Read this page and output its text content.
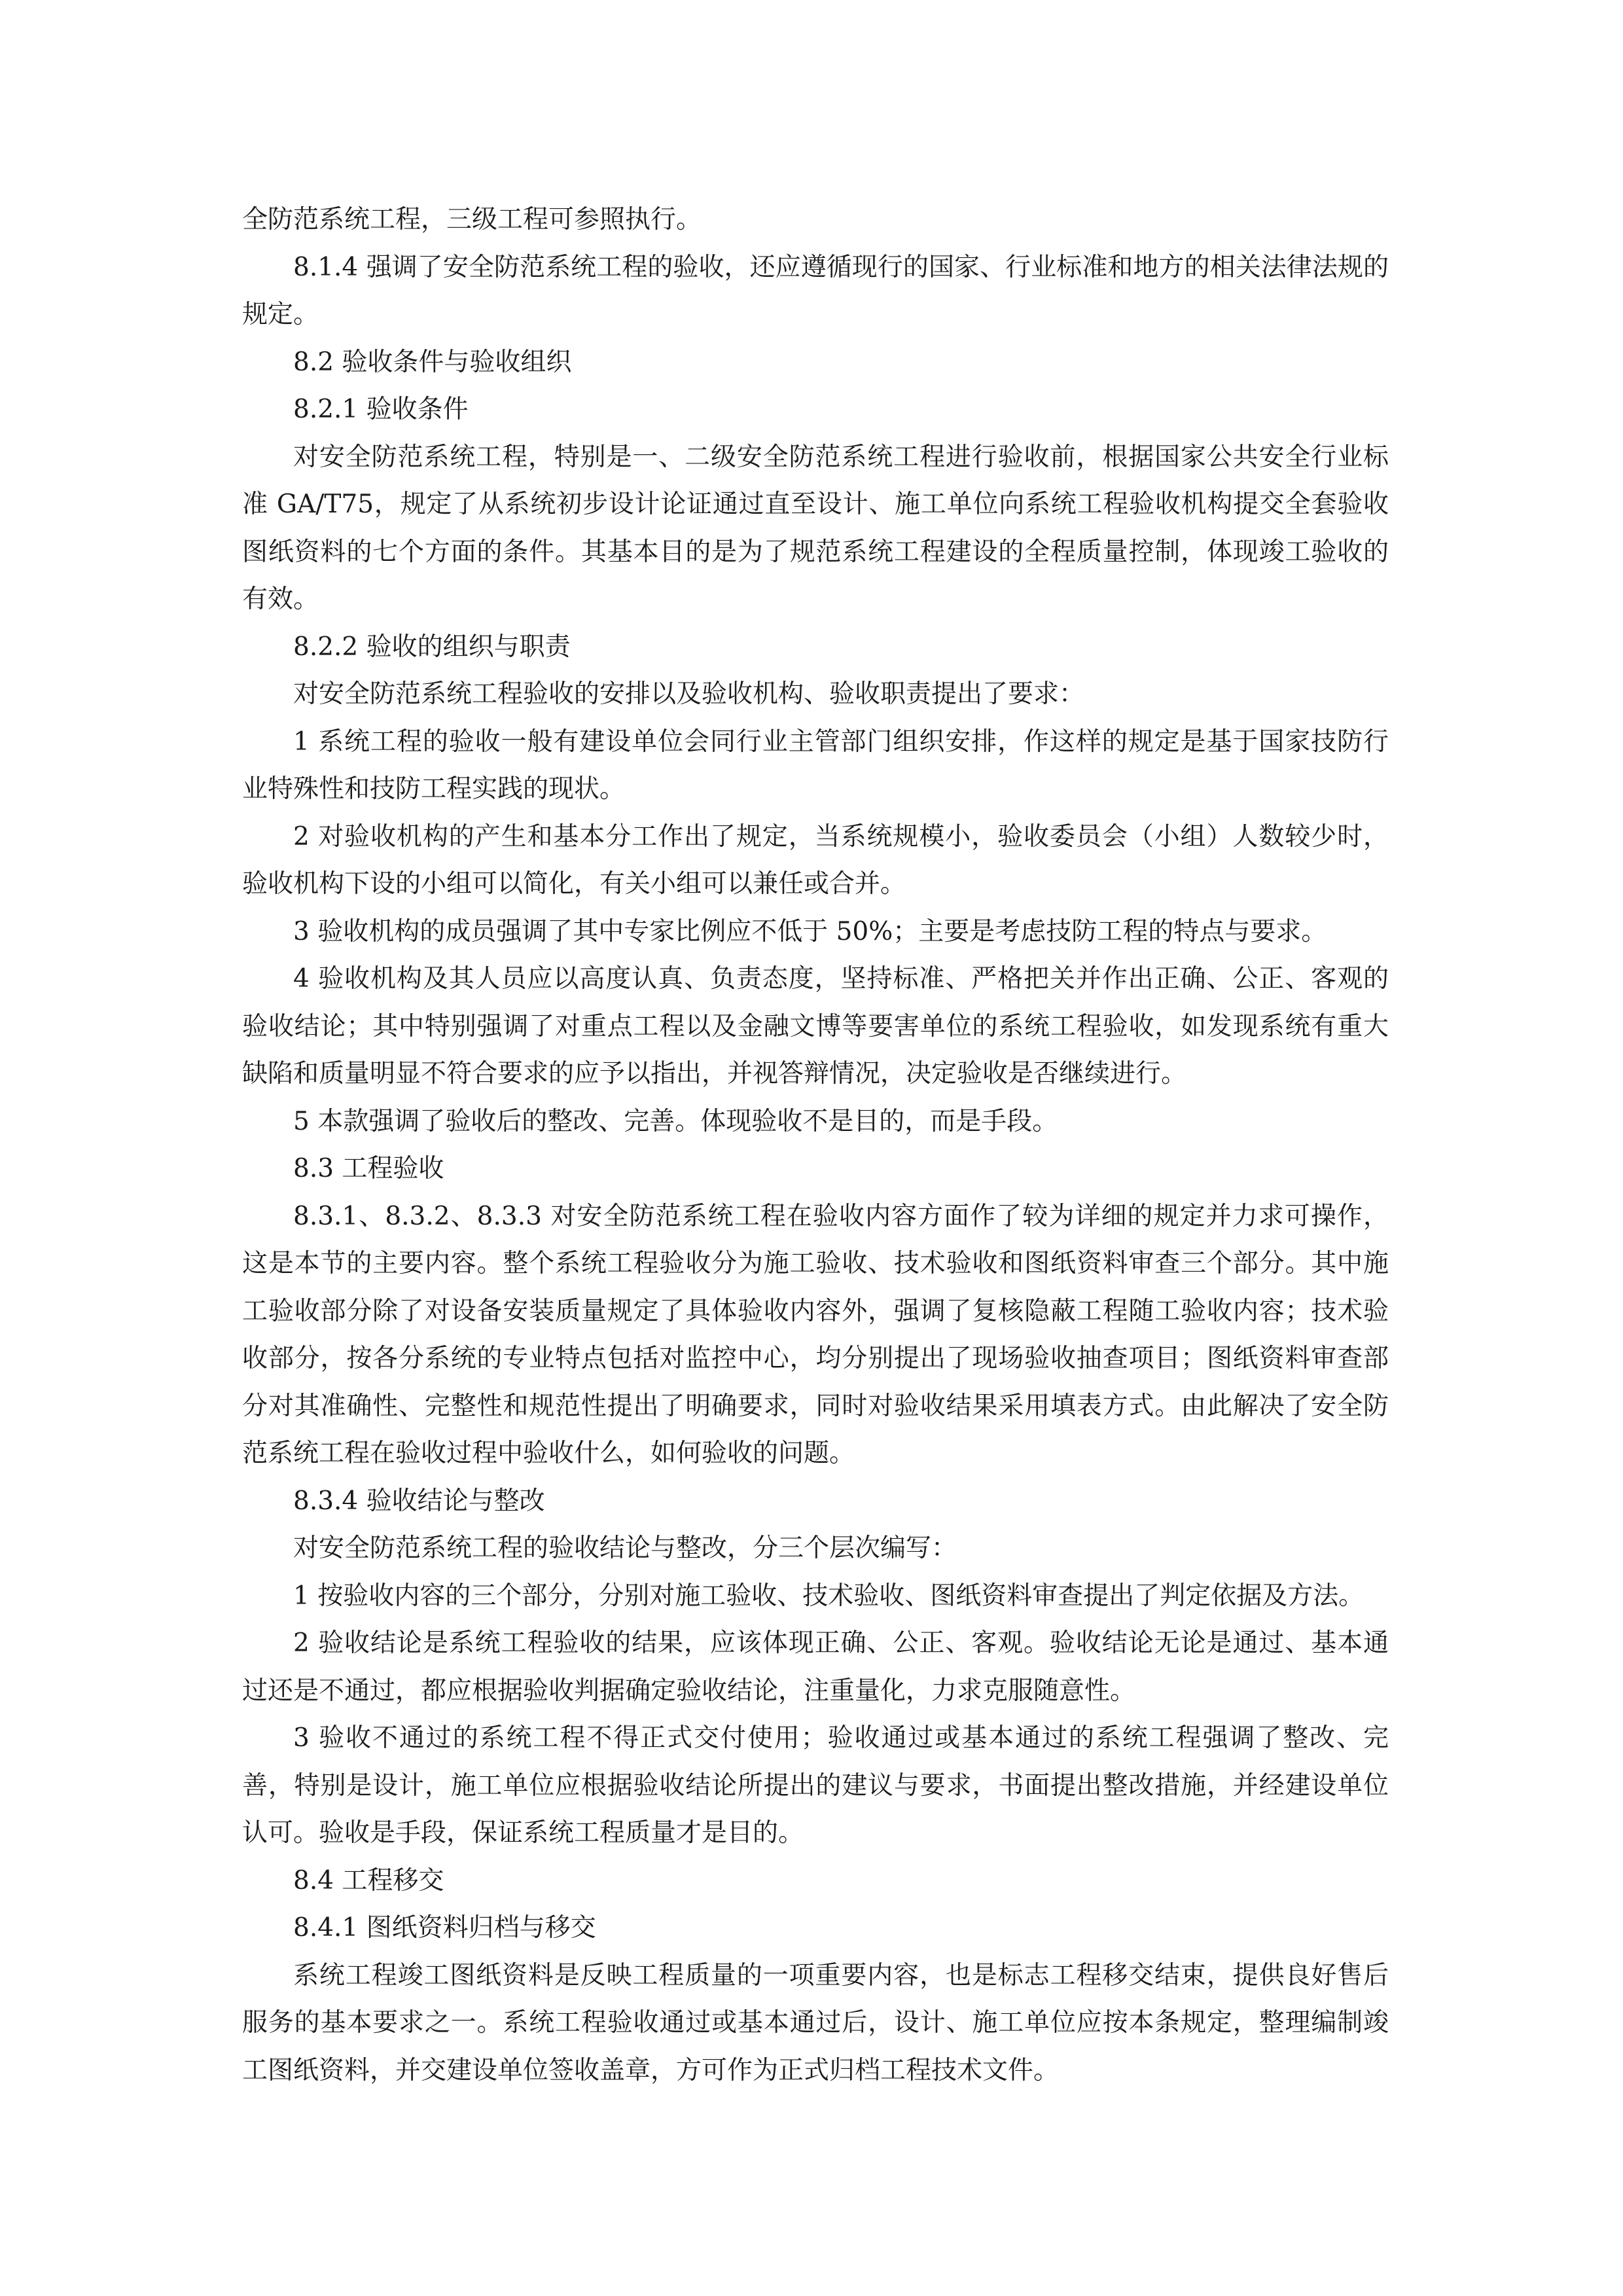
全防范系统工程，三级工程可参照执行。

8.1.4 强调了安全防范系统工程的验收，还应遵循现行的国家、行业标准和地方的相关法律法规的规定。

8.2 验收条件与验收组织

8.2.1 验收条件

对安全防范系统工程，特别是一、二级安全防范系统工程进行验收前，根据国家公共安全行业标准 GA/T75，规定了从系统初步设计论证通过直至设计、施工单位向系统工程验收机构提交全套验收图纸资料的七个方面的条件。其基本目的是为了规范系统工程建设的全程质量控制，体现竣工验收的有效。

8.2.2 验收的组织与职责

对安全防范系统工程验收的安排以及验收机构、验收职责提出了要求：

1 系统工程的验收一般有建设单位会同行业主管部门组织安排，作这样的规定是基于国家技防行业特殊性和技防工程实践的现状。

2 对验收机构的产生和基本分工作出了规定，当系统规模小，验收委员会（小组）人数较少时，验收机构下设的小组可以简化，有关小组可以兼任或合并。

3 验收机构的成员强调了其中专家比例应不低于 50%；主要是考虑技防工程的特点与要求。

4 验收机构及其人员应以高度认真、负责态度，坚持标准、严格把关并作出正确、公正、客观的验收结论；其中特别强调了对重点工程以及金融文博等要害单位的系统工程验收，如发现系统有重大缺陷和质量明显不符合要求的应予以指出，并视答辩情况，决定验收是否继续进行。

5 本款强调了验收后的整改、完善。体现验收不是目的，而是手段。

8.3 工程验收

8.3.1、8.3.2、8.3.3 对安全防范系统工程在验收内容方面作了较为详细的规定并力求可操作，这是本节的主要内容。整个系统工程验收分为施工验收、技术验收和图纸资料审查三个部分。其中施工验收部分除了对设备安装质量规定了具体验收内容外，强调了复核隐蔽工程随工验收内容；技术验收部分，按各分系统的专业特点包括对监控中心，均分别提出了现场验收抽查项目；图纸资料审查部分对其准确性、完整性和规范性提出了明确要求，同时对验收结果采用填表方式。由此解决了安全防范系统工程在验收过程中验收什么，如何验收的问题。

8.3.4 验收结论与整改

对安全防范系统工程的验收结论与整改，分三个层次编写：

1 按验收内容的三个部分，分别对施工验收、技术验收、图纸资料审查提出了判定依据及方法。

2 验收结论是系统工程验收的结果，应该体现正确、公正、客观。验收结论无论是通过、基本通过还是不通过，都应根据验收判据确定验收结论，注重量化，力求克服随意性。

3 验收不通过的系统工程不得正式交付使用；验收通过或基本通过的系统工程强调了整改、完善，特别是设计，施工单位应根据验收结论所提出的建议与要求，书面提出整改措施，并经建设单位认可。验收是手段，保证系统工程质量才是目的。

8.4 工程移交

8.4.1 图纸资料归档与移交

系统工程竣工图纸资料是反映工程质量的一项重要内容，也是标志工程移交结束，提供良好售后服务的基本要求之一。系统工程验收通过或基本通过后，设计、施工单位应按本条规定，整理编制竣工图纸资料，并交建设单位签收盖章，方可作为正式归档工程技术文件。
